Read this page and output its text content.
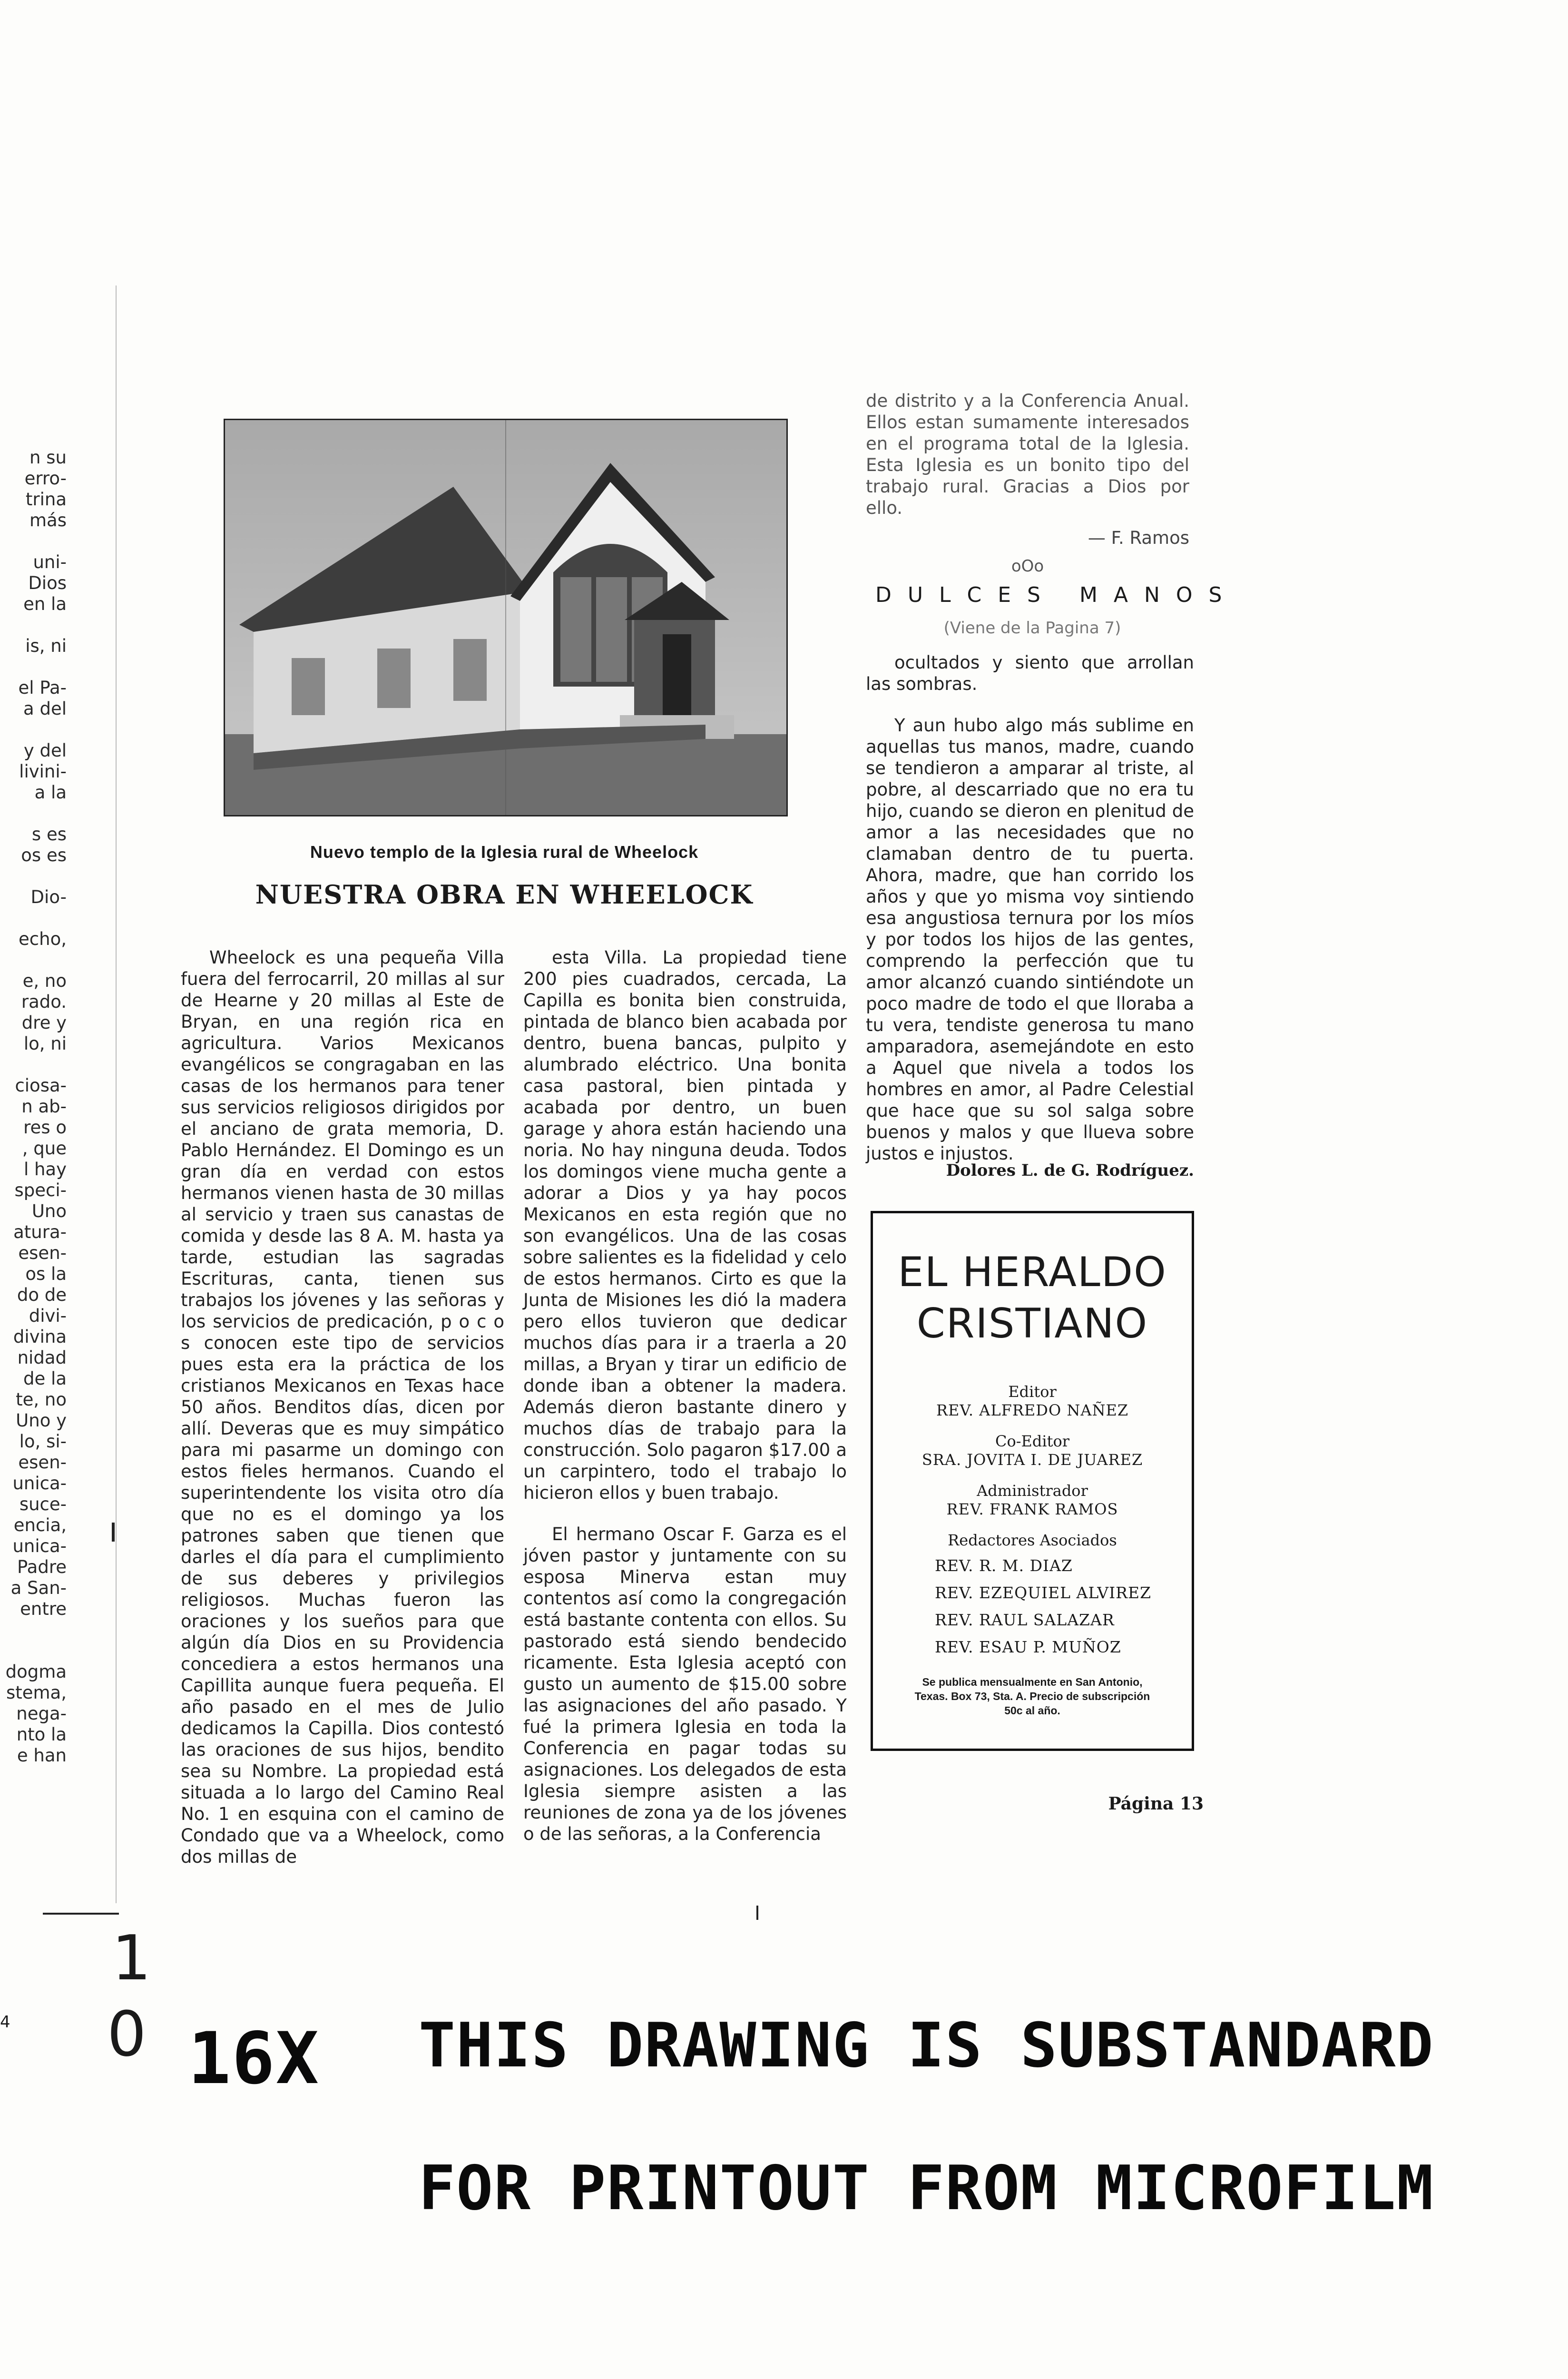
n su
erro-
trina
más

uni-
Dios
en la

is, ni

el Pa-
a del

y del
livini-
a la

s es
os es

Dio-

echo,

e, no
rado.
dre y
lo, ni

ciosa-
n ab-
res o
, que
l hay
speci-
Uno
atura-
esen-
os la
do de
divi-
divina
nidad
de la
te, no
Uno y
lo, si-
esen-
unica-
suce-
encia,
unica-
Padre
a San-
entre

dogma
stema,
nega-
nto la
e han
Nuevo templo de la Iglesia rural de Wheelock
NUESTRA OBRA EN WHEELOCK

Wheelock es una pequeña Villa fuera del ferrocarril, 20 millas al sur de Hearne y 20 millas al Este de Bryan, en una región rica en agricultura. Varios Mexicanos evangélicos se congragaban en las casas de los hermanos para tener sus servicios religiosos dirigidos por el anciano de grata memoria, D. Pablo Hernández. El Domingo es un gran día en verdad con estos hermanos vienen hasta de 30 millas al servicio y traen sus canastas de comida y desde las 8 A. M. hasta ya tarde, estudian las sagradas Escrituras, canta, tienen sus trabajos los jóvenes y las señoras y los servicios de predicación, p o c o s conocen este tipo de servicios pues esta era la práctica de los cristianos Mexicanos en Texas hace 50 años. Benditos días, dicen por allí. Deveras que es muy simpático para mi pasarme un domingo con estos fieles hermanos. Cuando el superintendente los visita otro día que no es el domingo ya los patrones saben que tienen que darles el día para el cumplimiento de sus deberes y privilegios religiosos. Muchas fueron las oraciones y los sueños para que algún día Dios en su Providencia concediera a estos hermanos una Capillita aunque fuera pequeña. El año pasado en el mes de Julio dedicamos la Capilla. Dios contestó las oraciones de sus hijos, bendito sea su Nombre. La propiedad está situada a lo largo del Camino Real No. 1 en esquina con el camino de Condado que va a Wheelock, como dos millas de

esta Villa. La propiedad tiene 200 pies cuadrados, cercada, La Capilla es bonita bien construida, pintada de blanco bien acabada por dentro, buena bancas, pulpito y alumbrado eléctrico. Una bonita casa pastoral, bien pintada y acabada por dentro, un buen garage y ahora están haciendo una noria. No hay ninguna deuda. Todos los domingos viene mucha gente a adorar a Dios y ya hay pocos Mexicanos en esta región que no son evangélicos. Una de las cosas sobre salientes es la fidelidad y celo de estos hermanos. Cirto es que la Junta de Misiones les dió la madera pero ellos tuvieron que dedicar muchos días para ir a traerla a 20 millas, a Bryan y tirar un edificio de donde iban a obtener la madera. Además dieron bastante dinero y muchos días de trabajo para la construcción. Solo pagaron $17.00 a un carpintero, todo el trabajo lo hicieron ellos y buen trabajo.

El hermano Oscar F. Garza es el jóven pastor y juntamente con su esposa Minerva estan muy contentos así como la congregación está bastante contenta con ellos. Su pastorado está siendo bendecido ricamente. Esta Iglesia aceptó con gusto un aumento de $15.00 sobre las asignaciones del año pasado. Y fué la primera Iglesia en toda la Conferencia en pagar todas su asignaciones. Los delegados de esta Iglesia siempre asisten a las reuniones de zona ya de los jóvenes o de las señoras, a la Conferencia

de distrito y a la Conferencia Anual. Ellos estan sumamente interesados en el programa total de la Iglesia. Esta Iglesia es un bonito tipo del trabajo rural. Gracias a Dios por ello.
— F. Ramos
oOo
D U L C E S   M A N O S
(Viene de la Pagina 7)

ocultados y siento que arrollan las sombras.

Y aun hubo algo más sublime en aquellas tus manos, madre, cuando se tendieron a amparar al triste, al pobre, al descarriado que no era tu hijo, cuando se dieron en plenitud de amor a las necesidades que no clamaban dentro de tu puerta. Ahora, madre, que han corrido los años y que yo misma voy sintiendo esa angustiosa ternura por los míos y por todos los hijos de las gentes, comprendo la perfección que tu amor alcanzó cuando sintiéndote un poco madre de todo el que lloraba a tu vera, tendiste generosa tu mano amparadora, asemejándote en esto a Aquel que nivela a todos los hombres en amor, al Padre Celestial que hace que su sol salga sobre buenos y malos y que llueva sobre justos e injustos.

Dolores L. de G. Rodríguez.
EL HERALDO
CRISTIANO
Editor
REV. ALFREDO NAÑEZ
Co-Editor
SRA. JOVITA I. DE JUAREZ
Administrador
REV. FRANK RAMOS
Redactores Asociados
REV. R. M. DIAZ
REV. EZEQUIEL ALVIREZ
REV. RAUL SALAZAR
REV. ESAU P. MUÑOZ
Se publica mensualmente en San Antonio, Texas. Box 73, Sta. A. Precio de subscripción 50c al año.
Página 13
1
0
4 16X THIS DRAWING IS SUBSTANDARD
FOR PRINTOUT FROM MICROFILM
